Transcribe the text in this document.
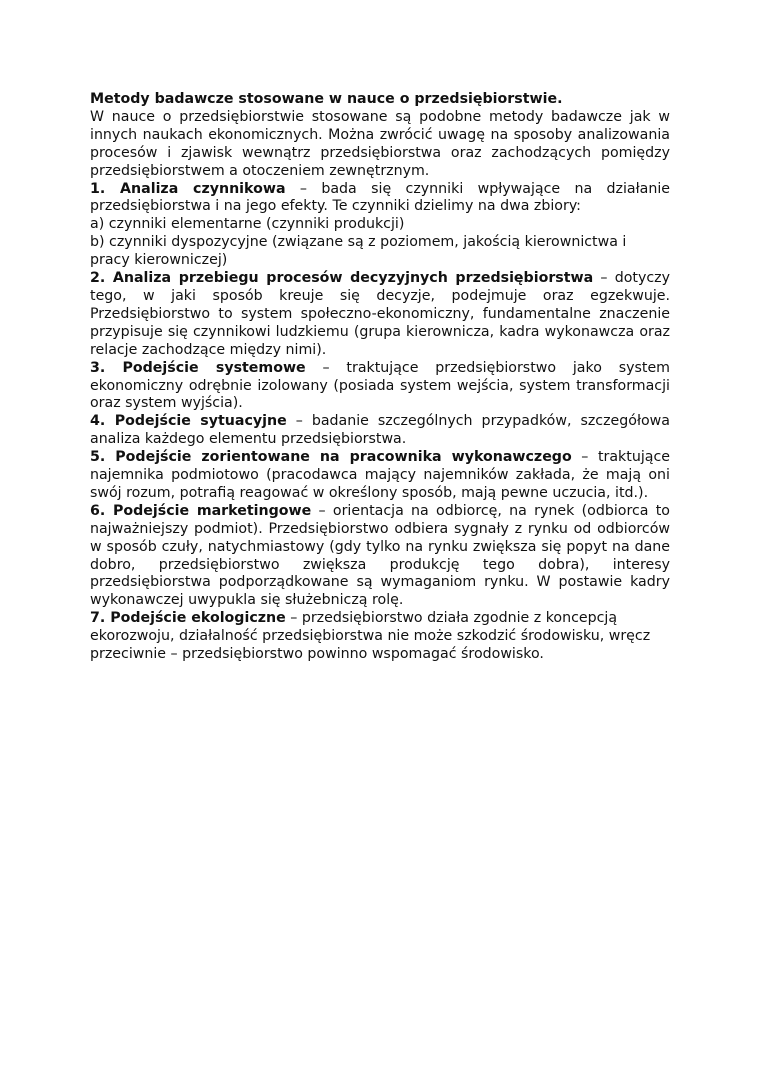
Metody badawcze stosowane w nauce o przedsiębiorstwie.

W nauce o przedsiębiorstwie stosowane są podobne metody badawcze jak w innych naukach ekonomicznych. Można zwrócić uwagę na sposoby analizowania procesów i zjawisk wewnątrz przedsiębiorstwa oraz zachodzących pomiędzy przedsiębiorstwem a otoczeniem zewnętrznym.

1. Analiza czynnikowa – bada się czynniki wpływające na działanie przedsiębiorstwa i na jego efekty. Te czynniki dzielimy na dwa zbiory:

a) czynniki elementarne (czynniki produkcji)

b) czynniki dyspozycyjne (związane są z poziomem, jakością kierownictwa i pracy kierowniczej)

2. Analiza przebiegu procesów decyzyjnych przedsiębiorstwa – dotyczy tego, w jaki sposób kreuje się decyzje, podejmuje oraz egzekwuje. Przedsiębiorstwo to system społeczno-ekonomiczny, fundamentalne znaczenie przypisuje się czynnikowi ludzkiemu (grupa kierownicza, kadra wykonawcza oraz relacje zachodzące między nimi).

3. Podejście systemowe – traktujące przedsiębiorstwo jako system ekonomiczny odrębnie izolowany (posiada system wejścia, system transformacji oraz system wyjścia).

4. Podejście sytuacyjne – badanie szczególnych przypadków, szczegółowa analiza każdego elementu przedsiębiorstwa.

5. Podejście zorientowane na pracownika wykonawczego – traktujące najemnika podmiotowo (pracodawca mający najemników zakłada, że mają oni swój rozum, potrafią reagować w określony sposób, mają pewne uczucia, itd.).

6. Podejście marketingowe – orientacja na odbiorcę, na rynek (odbiorca to najważniejszy podmiot). Przedsiębiorstwo odbiera sygnały z rynku od odbiorców w sposób czuły, natychmiastowy (gdy tylko na rynku zwiększa się popyt na dane dobro, przedsiębiorstwo zwiększa produkcję tego dobra), interesy przedsiębiorstwa podporządkowane są wymaganiom rynku. W postawie kadry wykonawczej uwypukla się służebniczą rolę.

7. Podejście ekologiczne – przedsiębiorstwo działa zgodnie z koncepcją ekorozwoju, działalność przedsiębiorstwa nie może szkodzić środowisku, wręcz przeciwnie – przedsiębiorstwo powinno wspomagać środowisko.
